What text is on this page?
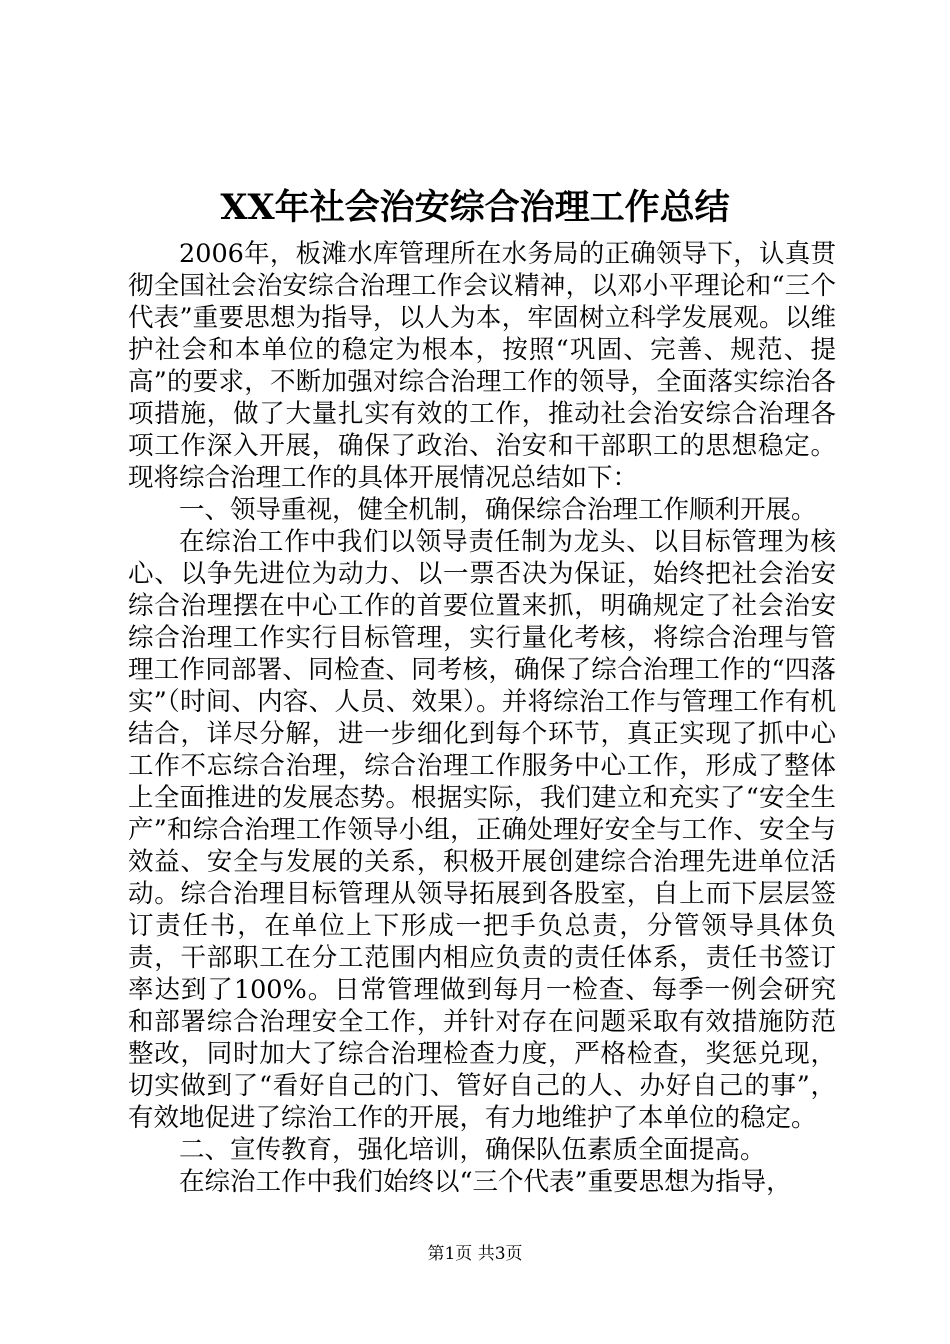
XX年社会治安综合治理工作总结

2006年，板滩水库管理所在水务局的正确领导下，认真贯彻全国社会治安综合治理工作会议精神，以邓小平理论和“三个代表”重要思想为指导，以人为本，牢固树立科学发展观。以维护社会和本单位的稳定为根本，按照“巩固、完善、规范、提高”的要求，不断加强对综合治理工作的领导，全面落实综治各项措施，做了大量扎实有效的工作，推动社会治安综合治理各项工作深入开展，确保了政治、治安和干部职工的思想稳定。现将综合治理工作的具体开展情况总结如下：

一、领导重视，健全机制，确保综合治理工作顺利开展。

在综治工作中我们以领导责任制为龙头、以目标管理为核心、以争先进位为动力、以一票否决为保证，始终把社会治安综合治理摆在中心工作的首要位置来抓，明确规定了社会治安综合治理工作实行目标管理，实行量化考核，将综合治理与管理工作同部署、同检查、同考核，确保了综合治理工作的“四落实”（时间、内容、人员、效果）。并将综治工作与管理工作有机结合，详尽分解，进一步细化到每个环节，真正实现了抓中心工作不忘综合治理，综合治理工作服务中心工作，形成了整体上全面推进的发展态势。根据实际，我们建立和充实了“安全生产”和综合治理工作领导小组，正确处理好安全与工作、安全与效益、安全与发展的关系，积极开展创建综合治理先进单位活动。综合治理目标管理从领导拓展到各股室，自上而下层层签订责任书，在单位上下形成一把手负总责，分管领导具体负责，干部职工在分工范围内相应负责的责任体系，责任书签订率达到了100%。日常管理做到每月一检查、每季一例会研究和部署综合治理安全工作，并针对存在问题采取有效措施防范整改，同时加大了综合治理检查力度，严格检查，奖惩兑现，切实做到了“看好自己的门、管好自己的人、办好自己的事”，有效地促进了综治工作的开展，有力地维护了本单位的稳定。

二、宣传教育，强化培训，确保队伍素质全面提高。

在综治工作中我们始终以“三个代表”重要思想为指导，

第1页 共3页
